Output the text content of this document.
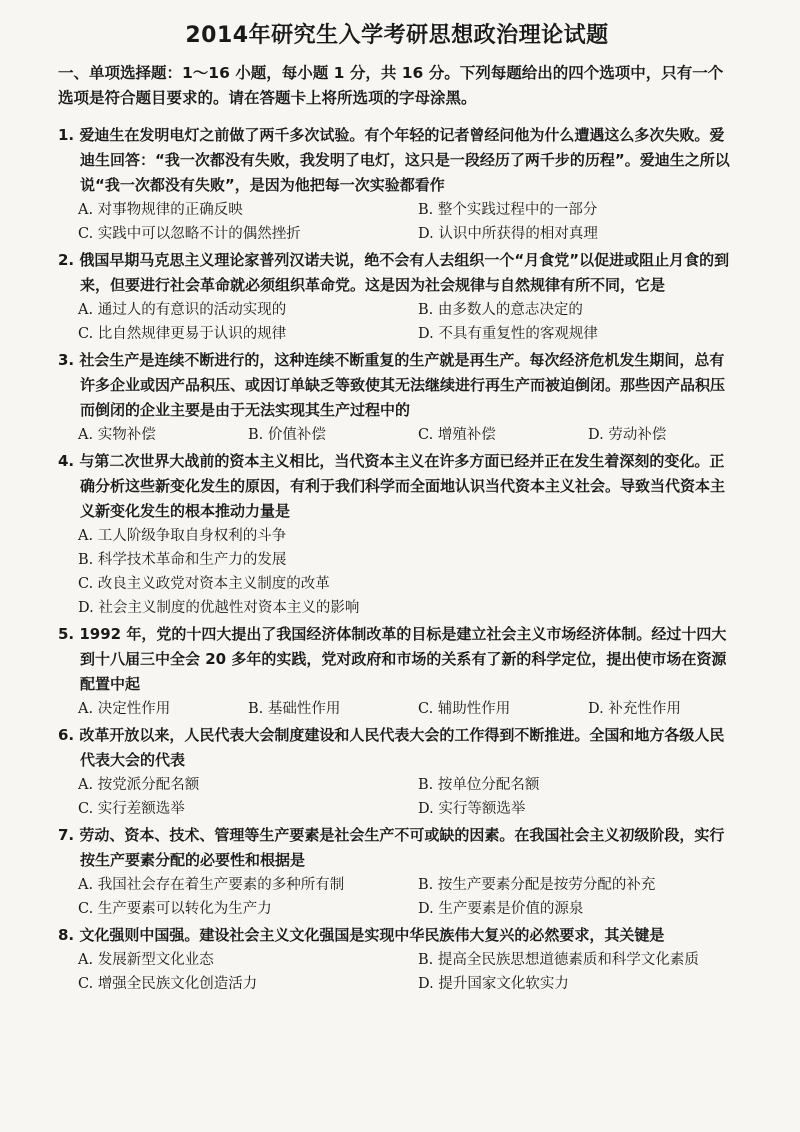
2014年研究生入学考研思想政治理论试题
一、单项选择题：1～16 小题，每小题 1 分，共 16 分。下列每题给出的四个选项中，只有一个选项是符合题目要求的。请在答题卡上将所选项的字母涂黑。
1. 爱迪生在发明电灯之前做了两千多次试验。有个年轻的记者曾经问他为什么遭遇这么多次失败。爱迪生回答：“我一次都没有失败，我发明了电灯，这只是一段经历了两千步的历程”。爱迪生之所以说“我一次都没有失败”，是因为他把每一次实验都看作
A. 对事物规律的正确反映	B. 整个实践过程中的一部分
C. 实践中可以忽略不计的偶然挫折	D. 认识中所获得的相对真理
2. 俄国早期马克思主义理论家普列汉诺夫说，绝不会有人去组织一个“月食党”以促进或阻止月食的到来，但要进行社会革命就必须组织革命党。这是因为社会规律与自然规律有所不同，它是
A. 通过人的有意识的活动实现的	B. 由多数人的意志决定的
C. 比自然规律更易于认识的规律	D. 不具有重复性的客观规律
3. 社会生产是连续不断进行的，这种连续不断重复的生产就是再生产。每次经济危机发生期间，总有许多企业或因产品积压、或因订单缺乏等致使其无法继续进行再生产而被迫倒闭。那些因产品积压而倒闭的企业主要是由于无法实现其生产过程中的
A. 实物补偿	B. 价值补偿	C. 增殖补偿	D. 劳动补偿
4. 与第二次世界大战前的资本主义相比，当代资本主义在许多方面已经并正在发生着深刻的变化。正确分析这些新变化发生的原因，有利于我们科学而全面地认识当代资本主义社会。导致当代资本主义新变化发生的根本推动力量是
A. 工人阶级争取自身权利的斗争
B. 科学技术革命和生产力的发展
C. 改良主义政党对资本主义制度的改革
D. 社会主义制度的优越性对资本主义的影响
5. 1992 年，党的十四大提出了我国经济体制改革的目标是建立社会主义市场经济体制。经过十四大到十八届三中全会 20 多年的实践，党对政府和市场的关系有了新的科学定位，提出使市场在资源配置中起
A. 决定性作用	B. 基础性作用	C. 辅助性作用	D. 补充性作用
6. 改革开放以来，人民代表大会制度建设和人民代表大会的工作得到不断推进。全国和地方各级人民代表大会的代表
A. 按党派分配名额	B. 按单位分配名额
C. 实行差额选举	D. 实行等额选举
7. 劳动、资本、技术、管理等生产要素是社会生产不可或缺的因素。在我国社会主义初级阶段，实行按生产要素分配的必要性和根据是
A. 我国社会存在着生产要素的多种所有制	B. 按生产要素分配是按劳分配的补充
C. 生产要素可以转化为生产力	D. 生产要素是价值的源泉
8. 文化强则中国强。建设社会主义文化强国是实现中华民族伟大复兴的必然要求，其关键是
A. 发展新型文化业态	B. 提高全民族思想道德素质和科学文化素质
C. 增强全民族文化创造活力	D. 提升国家文化软实力
